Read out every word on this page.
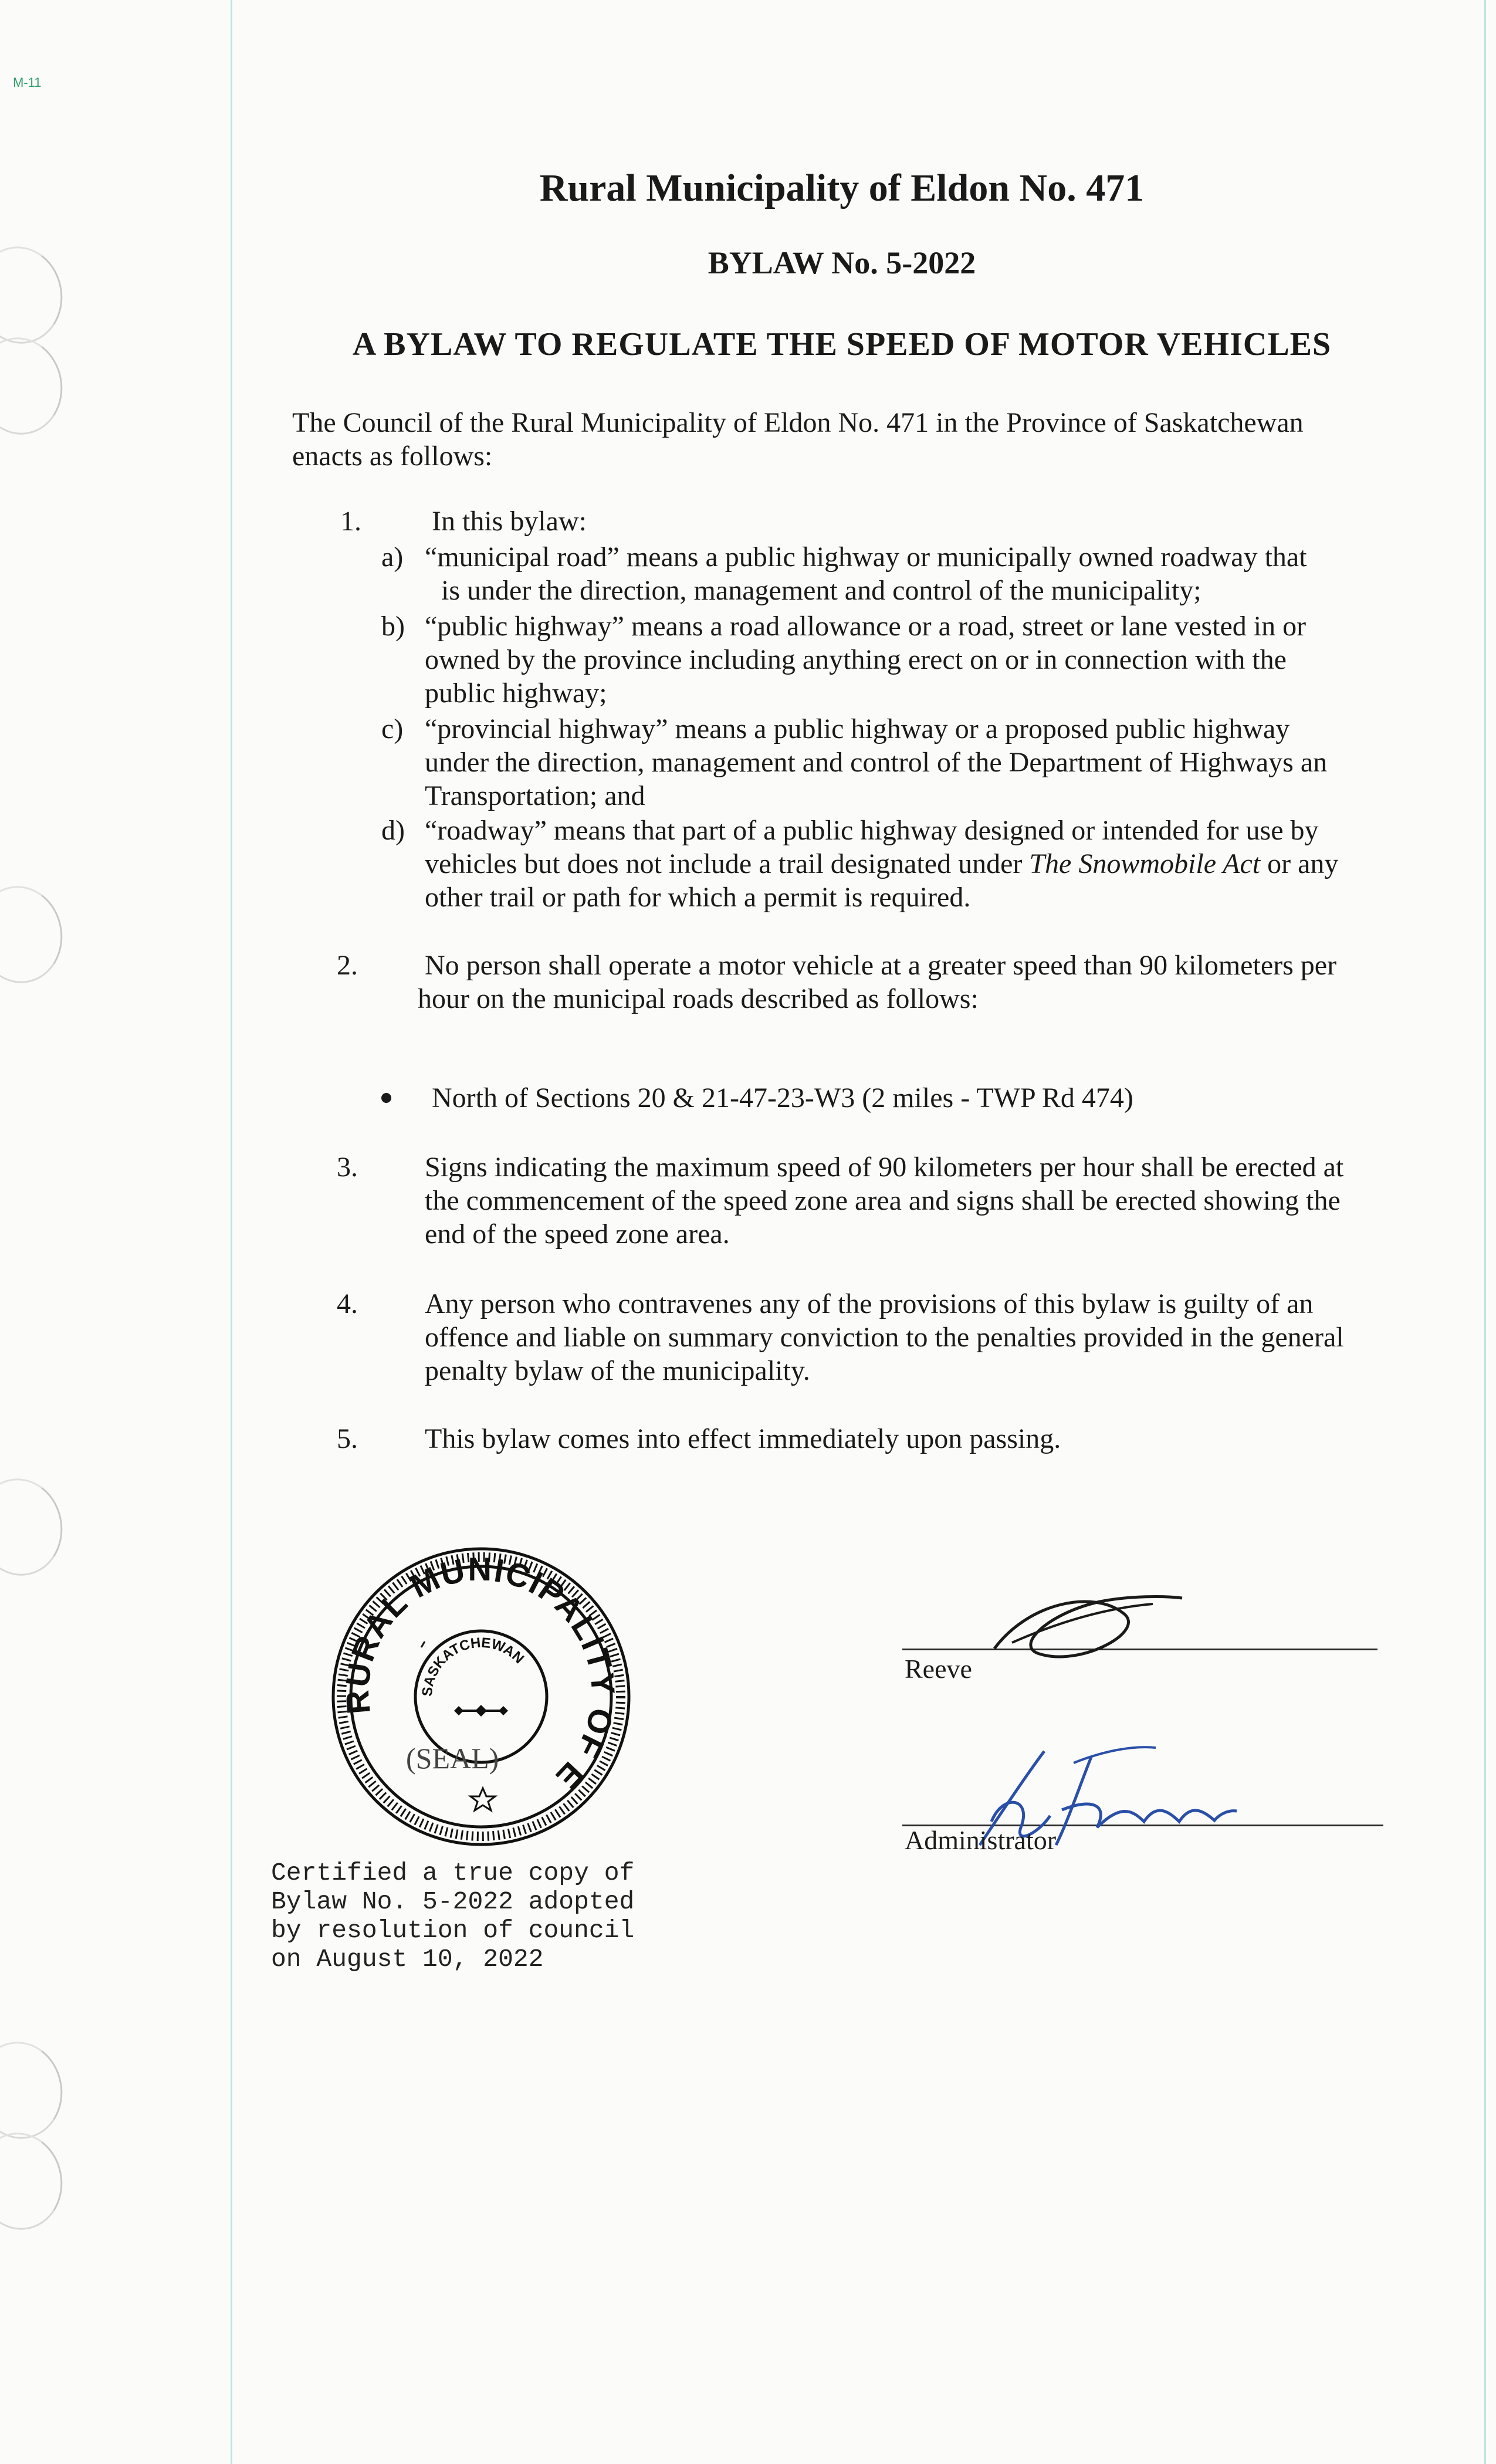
M-11
Rural Municipality of Eldon No. 471
BYLAW No. 5-2022
A BYLAW TO REGULATE THE SPEED OF MOTOR VEHICLES
The Council of the Rural Municipality of Eldon No. 471 in the Province of Saskatchewan
enacts as follows:
1.	In this bylaw:
a) “municipal road” means a public highway or municipally owned roadway that
is under the direction, management and control of the municipality;
b) “public highway” means a road allowance or a road, street or lane vested in or
owned by the province including anything erect on or in connection with the
public highway;
c) “provincial highway” means a public highway or a proposed public highway
under the direction, management and control of the Department of Highways an
Transportation; and
d) “roadway” means that part of a public highway designed or intended for use by
vehicles but does not include a trail designated under The Snowmobile Act or any
other trail or path for which a permit is required.
2. No person shall operate a motor vehicle at a greater speed than 90 kilometers per
hour on the municipal roads described as follows:
North of Sections 20 & 21-47-23-W3 (2 miles - TWP Rd 474)
3. Signs indicating the maximum speed of 90 kilometers per hour shall be erected at
the commencement of the speed zone area and signs shall be erected showing the
end of the speed zone area.
4. Any person who contravenes any of the provisions of this bylaw is guilty of an
offence and liable on summary conviction to the penalties provided in the general
penalty bylaw of the municipality.
5. This bylaw comes into effect immediately upon passing.
RURAL MUNICIPALITY OF E
SASKATCHEWAN
(SEAL)
Reeve
Administrator
Certified a true copy of
Bylaw No. 5-2022 adopted
by resolution of council
on August 10, 2022
